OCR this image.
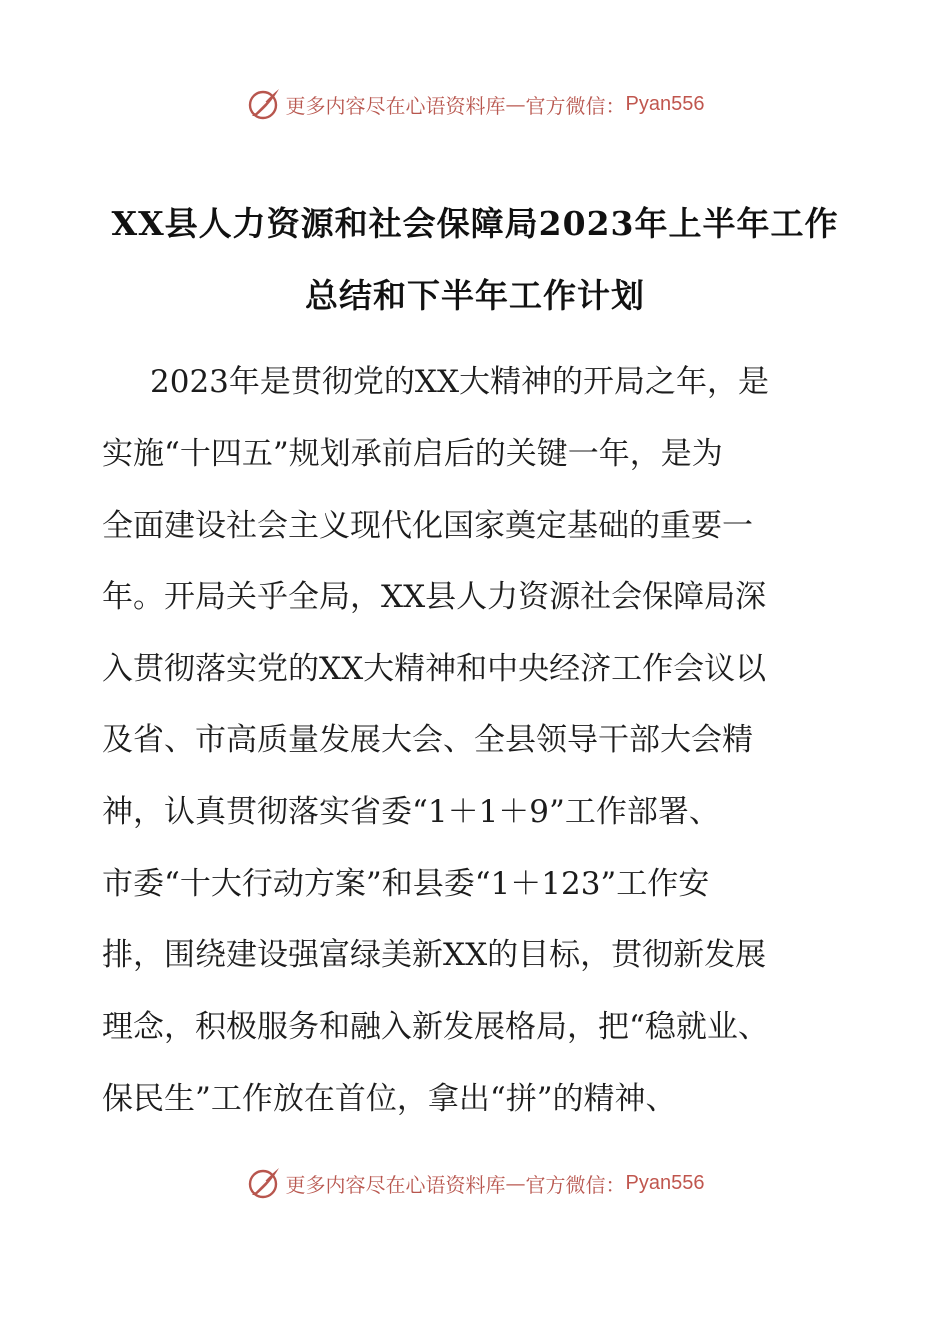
更多内容尽在心语资料库 — 官方微信： Pyan556
XX县人力资源和社会保障局2023年上半年工作
总结和下半年工作计划

2023年是贯彻党的XX大精神的开局之年，是

实施“十四五”规划承前启后的关键一年，是为

全面建设社会主义现代化国家奠定基础的重要一

年。开局关乎全局，XX县人力资源社会保障局深

入贯彻落实党的XX大精神和中央经济工作会议以

及省、市高质量发展大会、全县领导干部大会精

神，认真贯彻落实省委“1＋1＋9”工作部署、

市委“十大行动方案”和县委“1＋123”工作安

排，围绕建设强富绿美新XX的目标，贯彻新发展

理念，积极服务和融入新发展格局，把“稳就业、

保民生”工作放在首位，拿出“拼”的精神、

更多内容尽在心语资料库 — 官方微信： Pyan556
